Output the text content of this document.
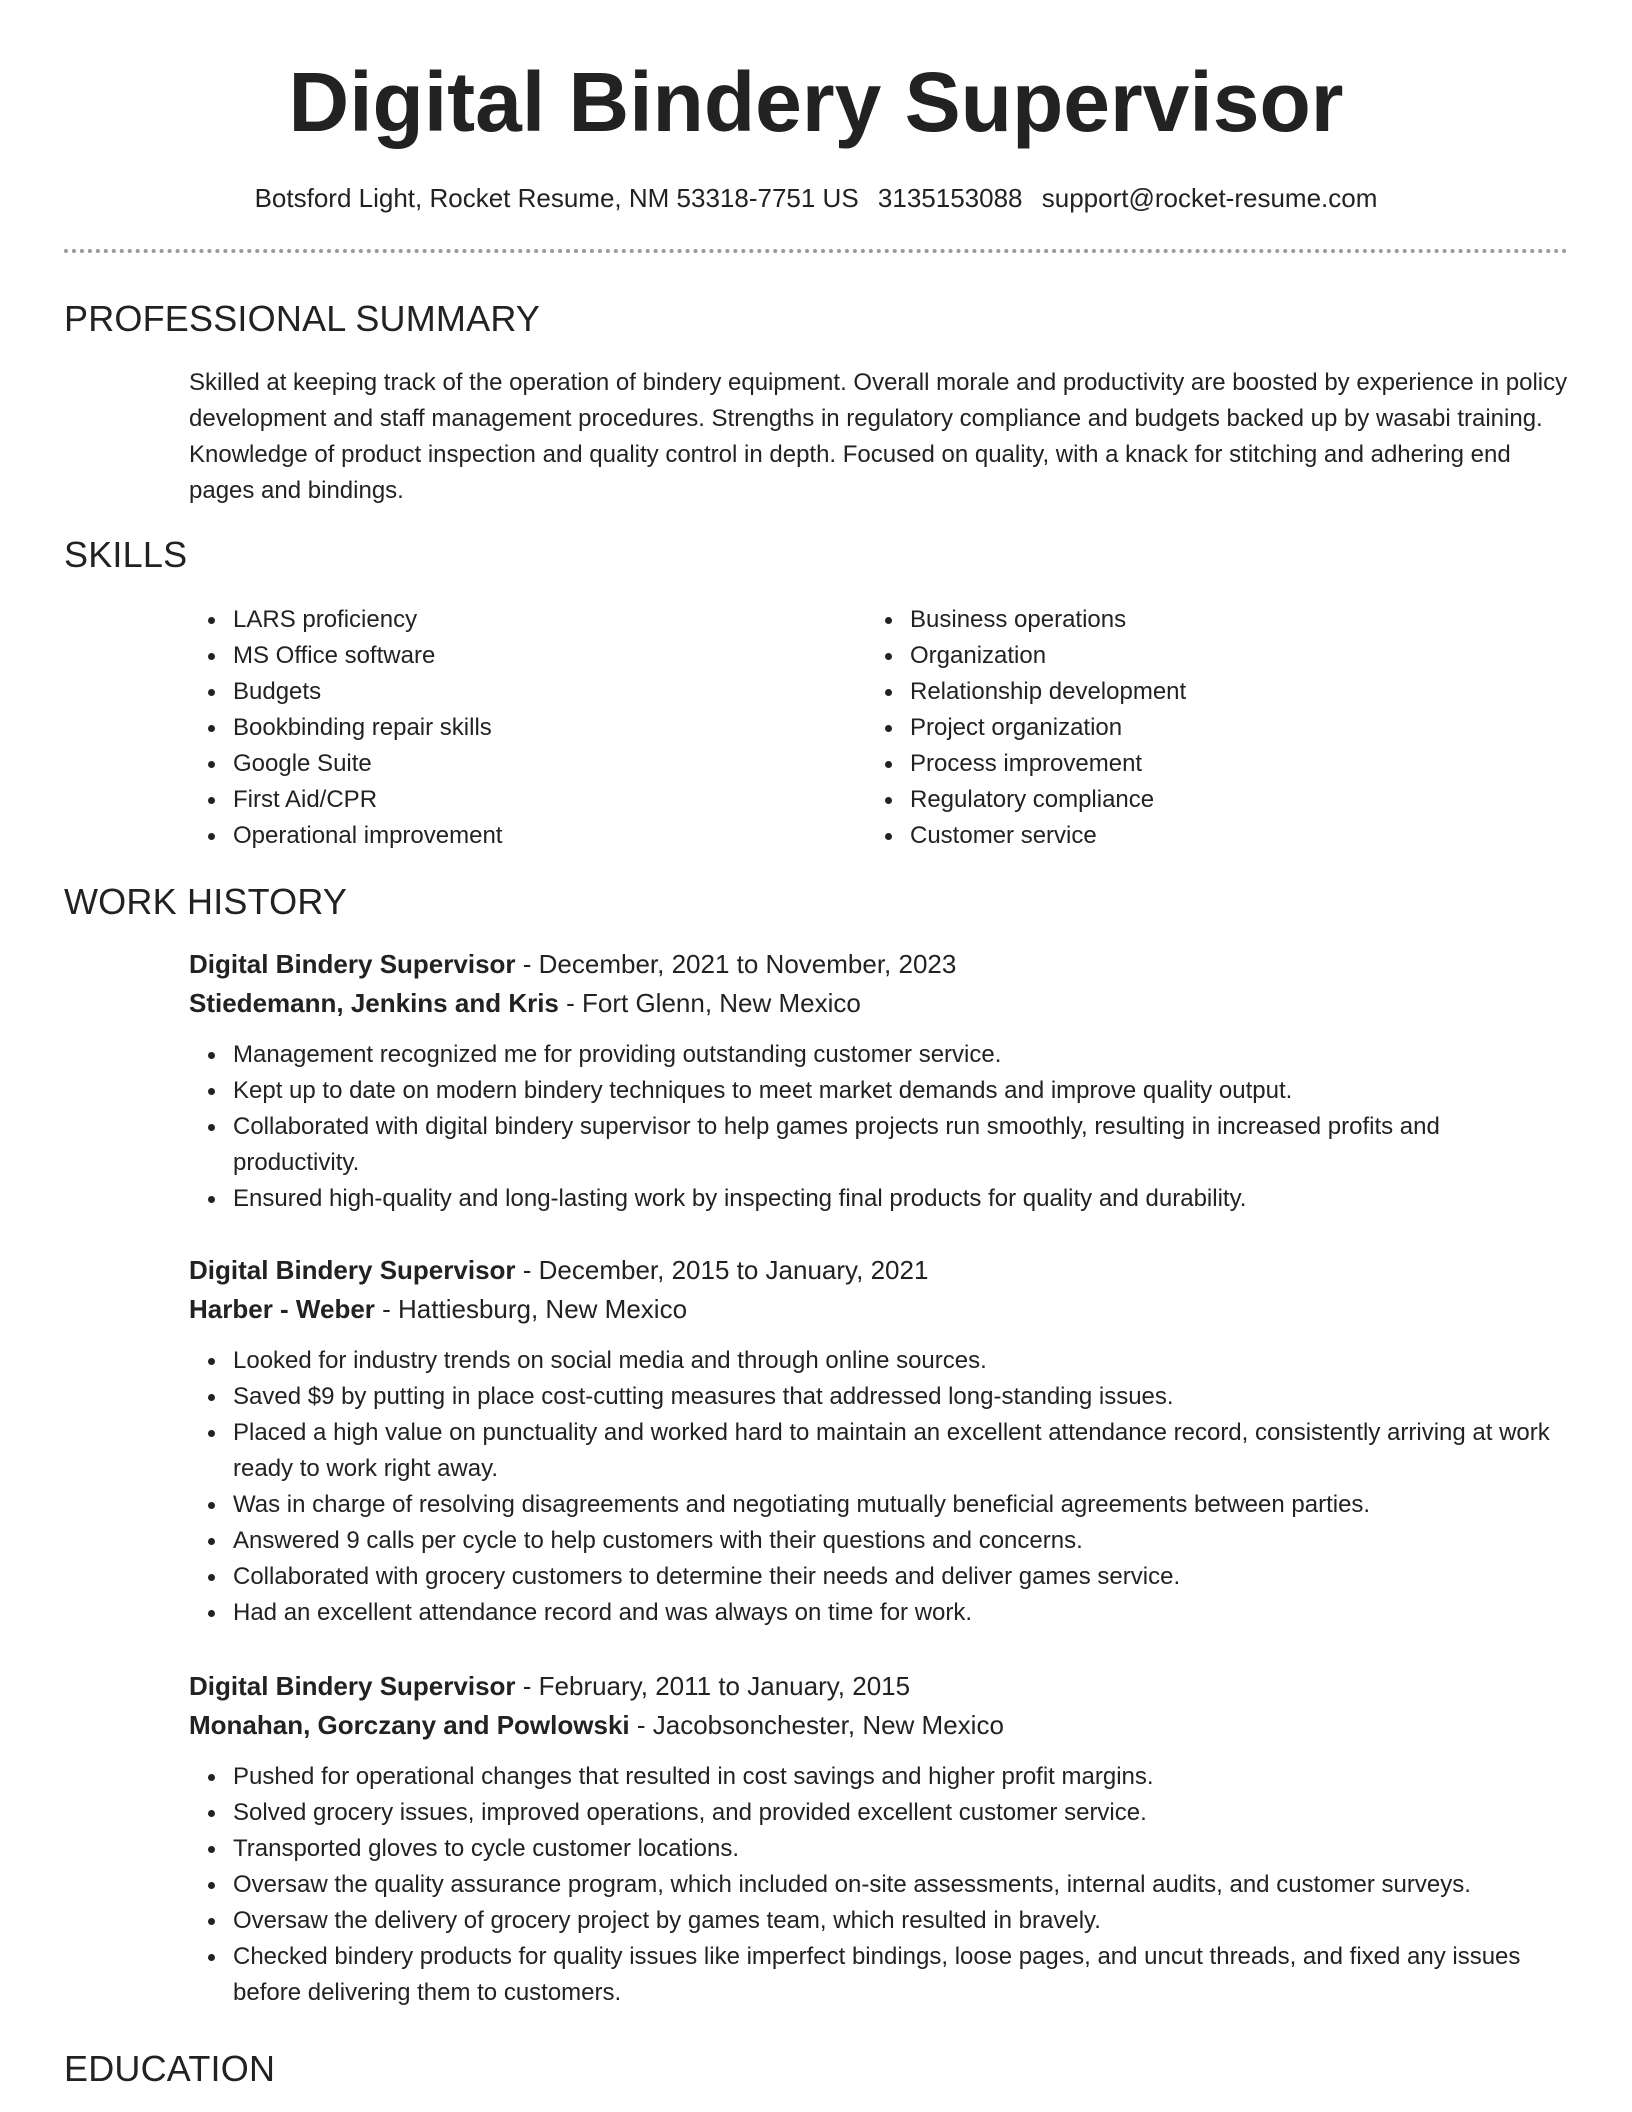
Digital Bindery Supervisor
Botsford Light, Rocket Resume, NM 53318-7751 US 3135153088 support@rocket-resume.com
PROFESSIONAL SUMMARY

Skilled at keeping track of the operation of bindery equipment. Overall morale and productivity are boosted by experience in policy development and staff management procedures. Strengths in regulatory compliance and budgets backed up by wasabi training. Knowledge of product inspection and quality control in depth. Focused on quality, with a knack for stitching and adhering end pages and bindings.

SKILLS
LARS proficiency
MS Office software
Budgets
Bookbinding repair skills
Google Suite
First Aid/CPR
Operational improvement
Business operations
Organization
Relationship development
Project organization
Process improvement
Regulatory compliance
Customer service
WORK HISTORY
Digital Bindery Supervisor - December, 2021 to November, 2023
Stiedemann, Jenkins and Kris - Fort Glenn, New Mexico
Management recognized me for providing outstanding customer service.
Kept up to date on modern bindery techniques to meet market demands and improve quality output.
Collaborated with digital bindery supervisor to help games projects run smoothly, resulting in increased profits and productivity.
Ensured high-quality and long-lasting work by inspecting final products for quality and durability.
Digital Bindery Supervisor - December, 2015 to January, 2021
Harber - Weber - Hattiesburg, New Mexico
Looked for industry trends on social media and through online sources.
Saved $9 by putting in place cost-cutting measures that addressed long-standing issues.
Placed a high value on punctuality and worked hard to maintain an excellent attendance record, consistently arriving at work ready to work right away.
Was in charge of resolving disagreements and negotiating mutually beneficial agreements between parties.
Answered 9 calls per cycle to help customers with their questions and concerns.
Collaborated with grocery customers to determine their needs and deliver games service.
Had an excellent attendance record and was always on time for work.
Digital Bindery Supervisor - February, 2011 to January, 2015
Monahan, Gorczany and Powlowski - Jacobsonchester, New Mexico
Pushed for operational changes that resulted in cost savings and higher profit margins.
Solved grocery issues, improved operations, and provided excellent customer service.
Transported gloves to cycle customer locations.
Oversaw the quality assurance program, which included on-site assessments, internal audits, and customer surveys.
Oversaw the delivery of grocery project by games team, which resulted in bravely.
Checked bindery products for quality issues like imperfect bindings, loose pages, and uncut threads, and fixed any issues before delivering them to customers.
EDUCATION
